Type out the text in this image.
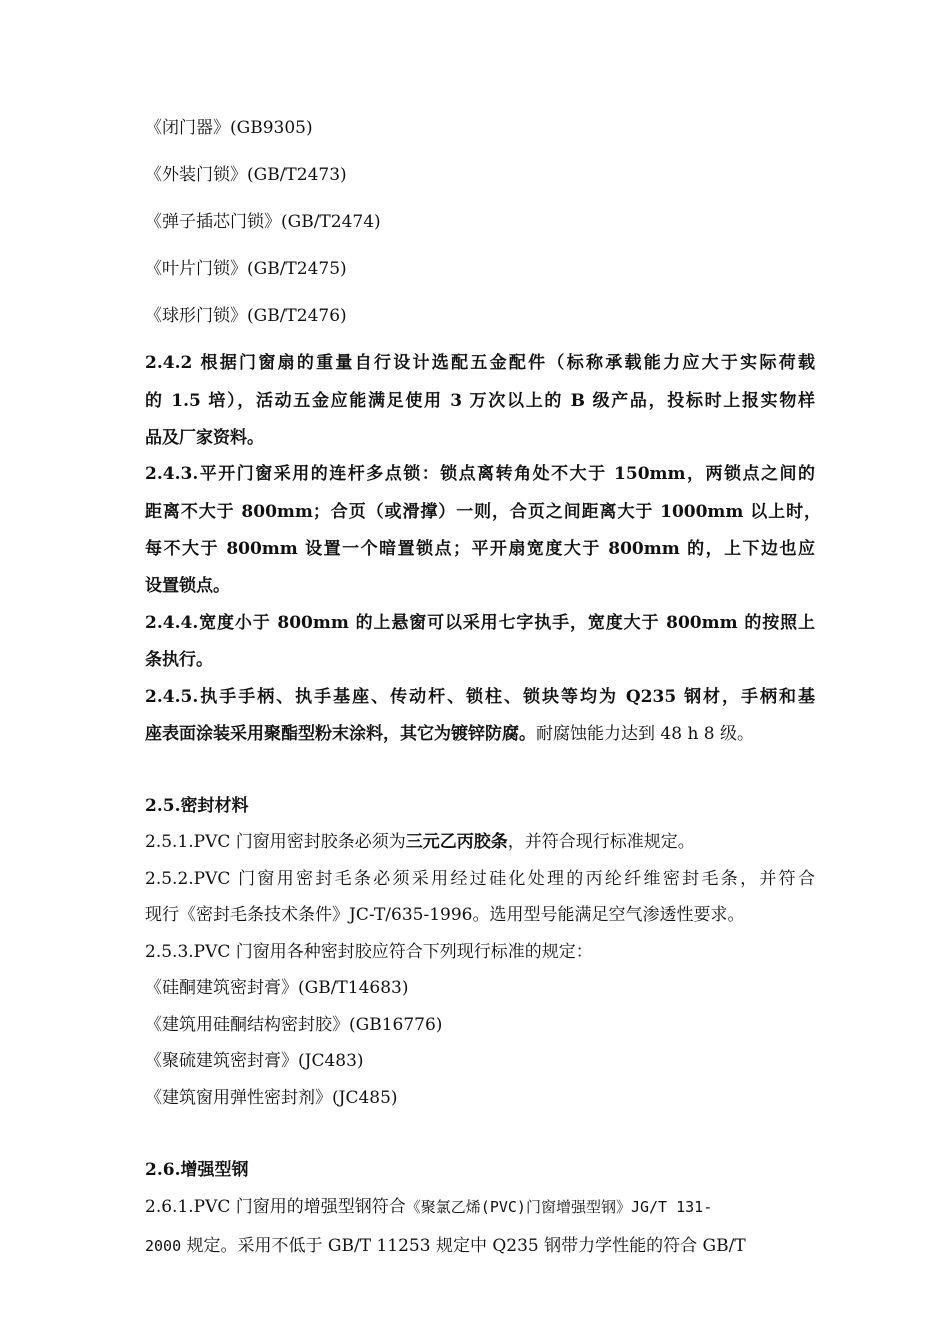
《闭门器》(GB9305)
《外装门锁》(GB/T2473)
《弹子插芯门锁》(GB/T2474)
《叶片门锁》(GB/T2475)
《球形门锁》(GB/T2476)
2.4.2 根据门窗扇的重量自行设计选配五金配件（标称承载能力应大于实际荷载
的 1.5 培），活动五金应能满足使用 3 万次以上的 B 级产品，投标时上报实物样
品及厂家资料。
2.4.3.平开门窗采用的连杆多点锁：锁点离转角处不大于 150mm，两锁点之间的
距离不大于 800mm；合页（或滑撑）一则，合页之间距离大于 1000mm 以上时，
每不大于 800mm 设置一个暗置锁点；平开扇宽度大于 800mm 的，上下边也应
设置锁点。
2.4.4.宽度小于 800mm 的上悬窗可以采用七字执手，宽度大于 800mm 的按照上
条执行。
2.4.5.执手手柄、执手基座、传动杆、锁柱、锁块等均为 Q235 钢材，手柄和基
座表面涂装采用聚酯型粉末涂料，其它为镀锌防腐。耐腐蚀能力达到 48 h 8 级。
2.5.密封材料
2.5.1.PVC 门窗用密封胶条必须为三元乙丙胶条，并符合现行标准规定。
2.5.2.PVC 门窗用密封毛条必须采用经过硅化处理的丙纶纤维密封毛条，并符合
现行《密封毛条技术条件》JC-T/635-1996。选用型号能满足空气渗透性要求。
2.5.3.PVC 门窗用各种密封胶应符合下列现行标准的规定：
《硅酮建筑密封膏》(GB/T14683)
《建筑用硅酮结构密封胶》(GB16776)
《聚硫建筑密封膏》(JC483)
《建筑窗用弹性密封剂》(JC485)
2.6.增强型钢
2.6.1.PVC 门窗用的增强型钢符合《聚氯乙烯(PVC)门窗增强型钢》JG/T 131-
2000 规定。采用不低于 GB/T 11253 规定中 Q235 钢带力学性能的符合 GB/T
